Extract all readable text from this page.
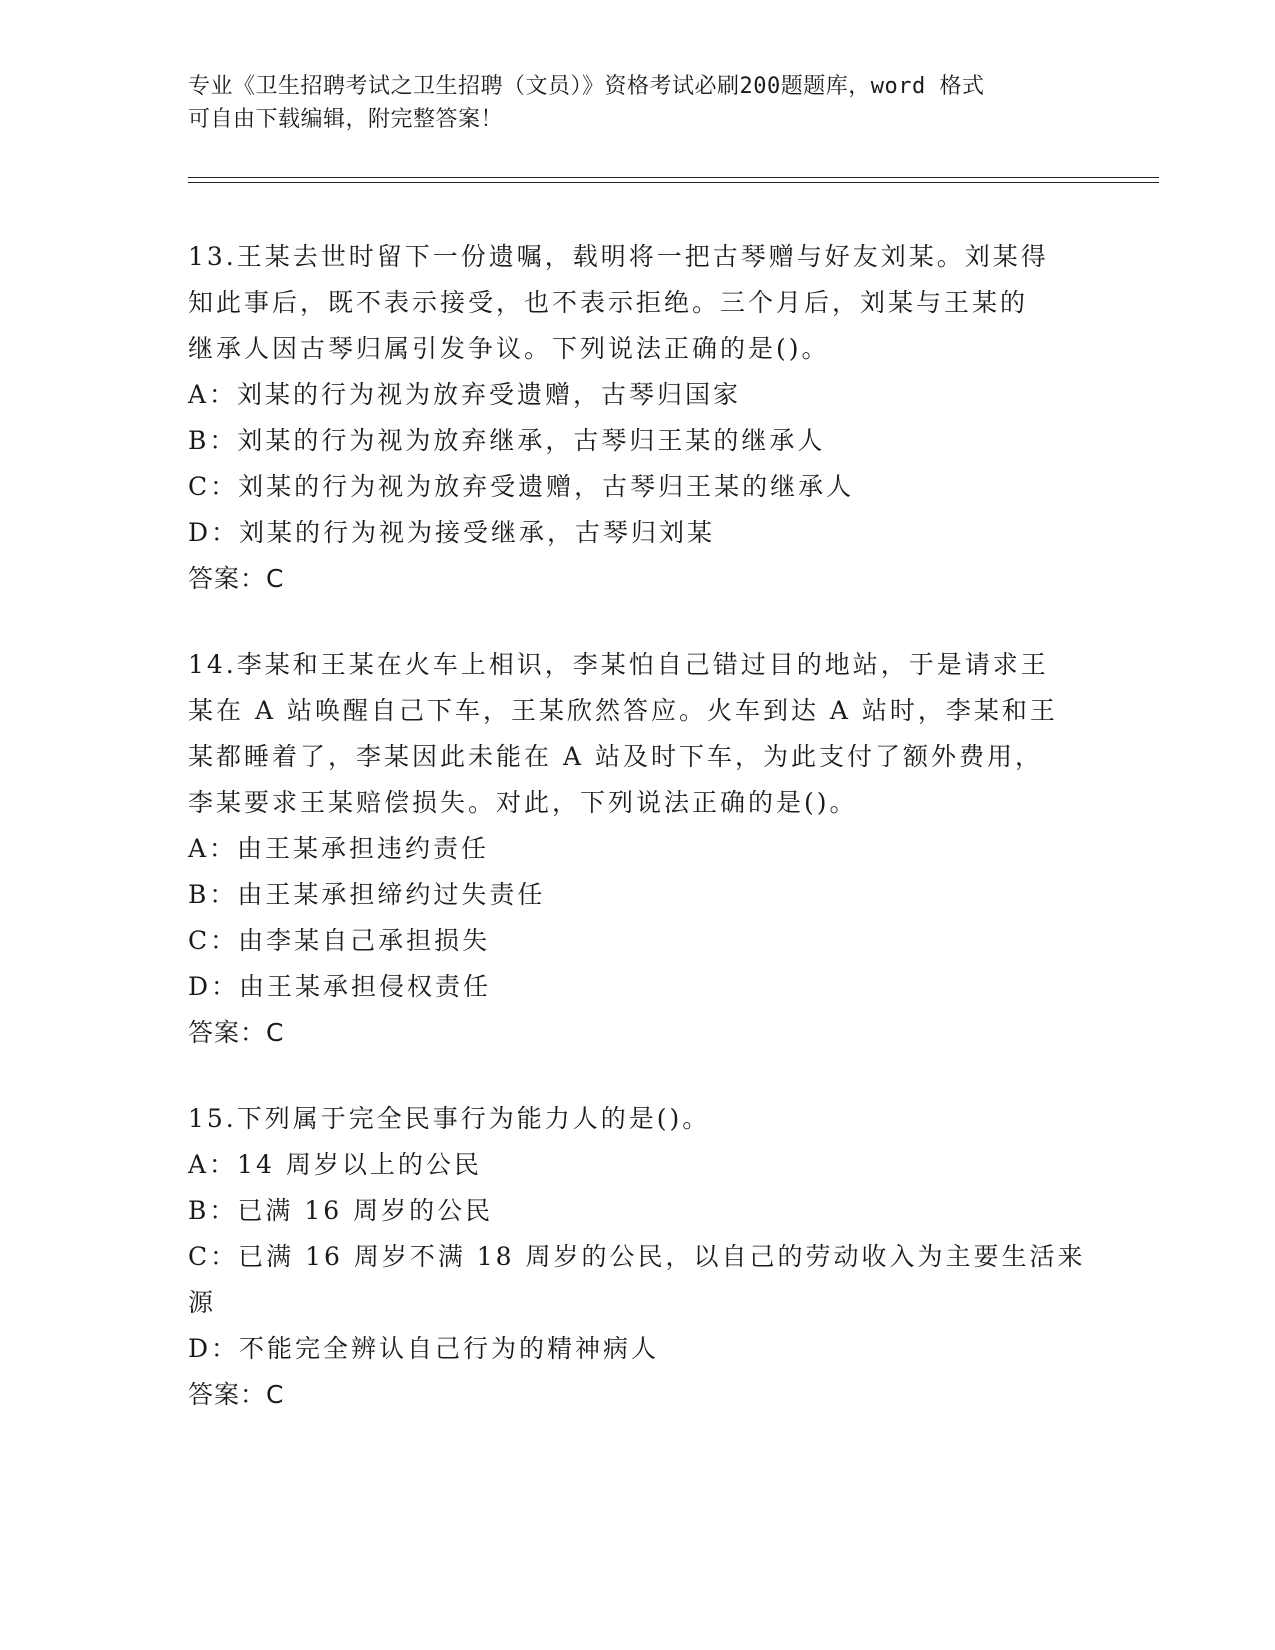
专业《卫生招聘考试之卫生招聘（文员）》资格考试必刷200题题库，word 格式

可自由下载编辑，附完整答案！

13.王某去世时留下一份遗嘱，载明将一把古琴赠与好友刘某。刘某得

知此事后，既不表示接受，也不表示拒绝。三个月后，刘某与王某的

继承人因古琴归属引发争议。下列说法正确的是()。

A：刘某的行为视为放弃受遗赠，古琴归国家

B：刘某的行为视为放弃继承，古琴归王某的继承人

C：刘某的行为视为放弃受遗赠，古琴归王某的继承人

D：刘某的行为视为接受继承，古琴归刘某

答案：C

14.李某和王某在火车上相识，李某怕自己错过目的地站，于是请求王

某在 A 站唤醒自己下车，王某欣然答应。火车到达 A 站时，李某和王

某都睡着了，李某因此未能在 A 站及时下车，为此支付了额外费用，

李某要求王某赔偿损失。对此，下列说法正确的是()。

A：由王某承担违约责任

B：由王某承担缔约过失责任

C：由李某自己承担损失

D：由王某承担侵权责任

答案：C

15.下列属于完全民事行为能力人的是()。

A：14 周岁以上的公民

B：已满 16 周岁的公民

C：已满 16 周岁不满 18 周岁的公民，以自己的劳动收入为主要生活来

源

D：不能完全辨认自己行为的精神病人

答案：C
